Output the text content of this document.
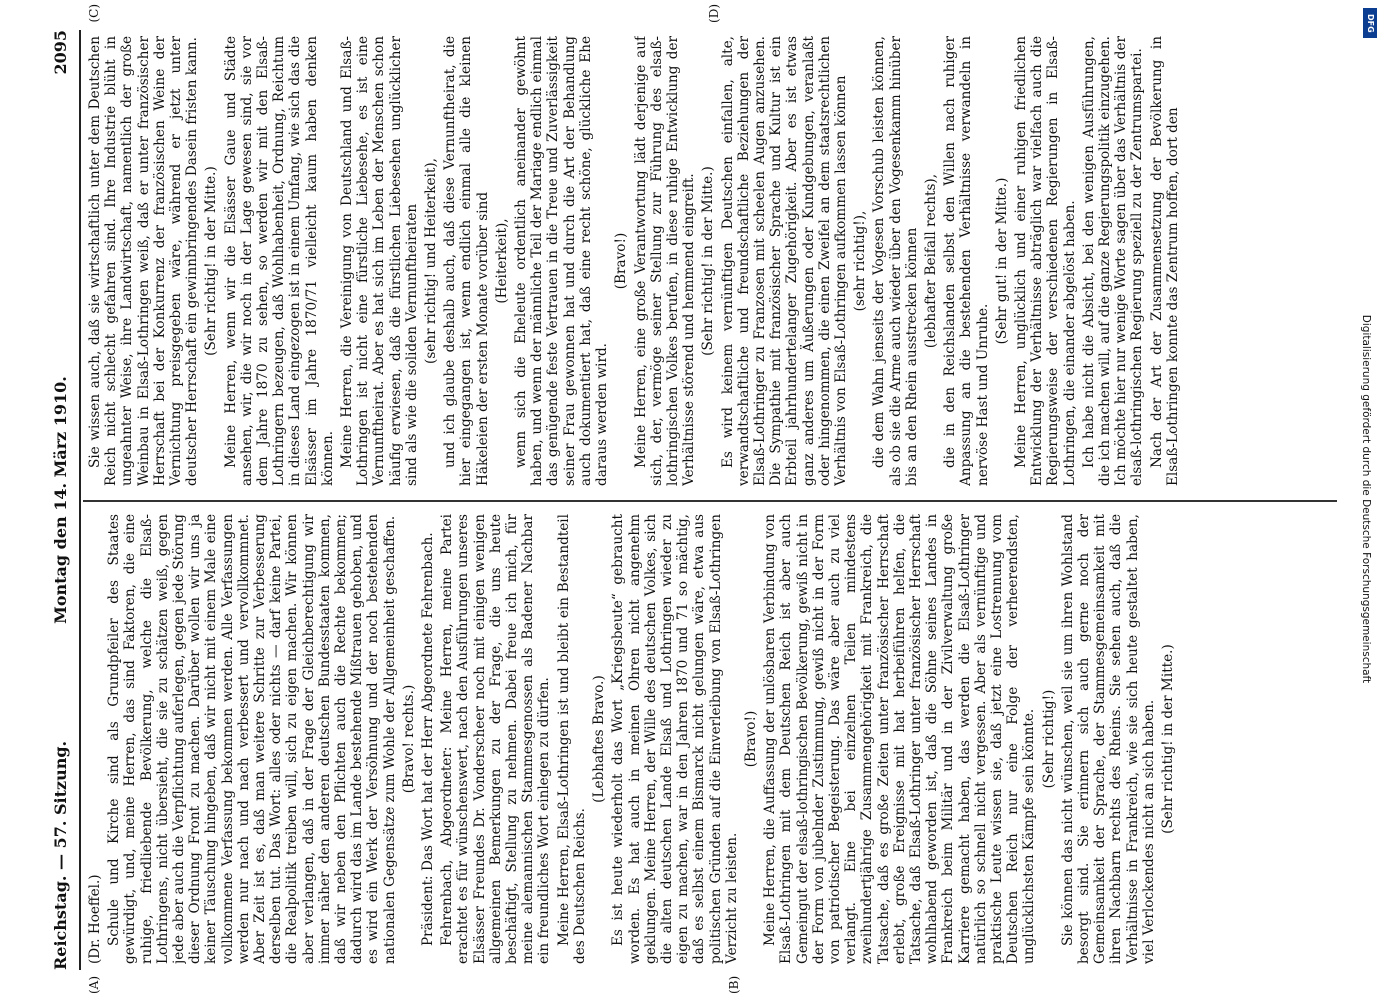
Reichstag. — 57. Sitzung.
Montag den 14. März 1910.
2095
(A)	(B)
(C)	(D)

(Dr. Hoeffel.) Schule und Kirche sind als Grundpfeiler des Staates gewürdigt, und, meine Herren, das sind Faktoren, die eine ruhige, friedliebende Bevölkerung, welche die Elsaß-Lothringens, nicht übersieht, die sie zu schätzen weiß, gegen jede aber auch die Verpflichtung auferlegen, gegen jede Störung dieser Ordnung Front zu machen. Darüber wollen wir uns ja keiner Täuschung hingeben, daß wir nicht mit einem Male eine vollkommene Verfassung bekommen werden. Alle Verfassungen werden nur nach und nach verbessert und vervollkommnet. Aber Zeit ist es, daß man weitere Schritte zur Verbesserung derselben tut. Das Wort: alles oder nichts — darf keine Partei, die Realpolitik treiben will, sich zu eigen machen. Wir können aber verlangen, daß in der Frage der Gleichberechtigung wir immer näher den anderen deutschen Bundesstaaten kommen, daß wir neben den Pflichten auch die Rechte bekommen; dadurch wird das im Lande bestehende Mißtrauen gehoben, und es wird ein Werk der Versöhnung und der noch bestehenden nationalen Gegensätze zum Wohle der Allgemeinheit geschaffen. (Bravo! rechts.) Präsident: Das Wort hat der Herr Abgeordnete Fehrenbach. Fehrenbach, Abgeordneter: Meine Herren, meine Partei erachtet es für wünschenswert, nach den Ausführungen unseres Elsässer Freundes Dr. Vonderscheer noch mit einigen wenigen allgemeinen Bemerkungen zu der Frage, die uns heute beschäftigt, Stellung zu nehmen. Dabei freue ich mich, für meine alemannischen Stammesgenossen als Badener Nachbar ein freundliches Wort einlegen zu dürfen. Meine Herren, Elsaß-Lothringen ist und bleibt ein Bestandteil des Deutschen Reichs.

(Lebhaftes Bravo.) Es ist heute wiederholt das Wort „Kriegsbeute“ gebraucht worden. Es hat auch in meinen Ohren nicht angenehm geklungen. Meine Herren, der Wille des deutschen Volkes, sich die alten deutschen Lande Elsaß und Lothringen wieder zu eigen zu machen, war in den Jahren 1870 und 71 so mächtig, daß es selbst einem Bismarck nicht gelungen wäre, etwa aus politischen Gründen auf die Einverleibung von Elsaß-Lothringen Verzicht zu leisten.

(Bravo!) Meine Herren, die Auffassung der unlösbaren Verbindung von Elsaß-Lothringen mit dem Deutschen Reich ist aber auch Gemeingut der elsaß-lothringischen Bevölkerung, gewiß nicht in der Form von jubelnder Zustimmung, gewiß nicht in der Form von patriotischer Begeisterung. Das wäre aber auch zu viel verlangt. Eine bei einzelnen Teilen mindestens zweihundertjährige Zusammengehörigkeit mit Frankreich, die Tatsache, daß es große Zeiten unter französischer Herrschaft erlebt, große Ereignisse mit hat herbeiführen helfen, die Tatsache, daß Elsaß-Lothringer unter französischer Herrschaft wohlhabend geworden ist, daß die Söhne seines Landes in Frankreich beim Militär und in der Zivilverwaltung große Karriere gemacht haben, das werden die Elsaß-Lothringer natürlich so schnell nicht vergessen. Aber als vernünftige und praktische Leute wissen sie, daß jetzt eine Lostrennung vom Deutschen Reich nur eine Folge der verheerendsten, unglücklichsten Kämpfe sein könnte. (Sehr richtig!) Sie können das nicht wünschen, weil sie um ihren Wohlstand besorgt sind. Sie erinnern sich auch gerne noch der Gemeinsamkeit der Sprache, der Stammesgemeinsamkeit mit ihren Nachbarn rechts des Rheins. Sie sehen auch, daß die Verhältnisse in Frankreich, wie sie sich heute gestaltet haben, viel Verlockendes nicht an sich haben. (Sehr richtig! in der Mitte.)

Sie wissen auch, daß sie wirtschaftlich unter dem Deutschen Reich nicht schlecht gefahren sind. Ihre Industrie blüht in ungeahnter Weise, ihre Landwirtschaft, namentlich der große Weinbau in Elsaß-Lothringen weiß, daß er unter französischer Herrschaft bei der Konkurrenz der französischen Weine der Vernichtung preisgegeben wäre, während er jetzt unter deutscher Herrschaft ein gewinnbringendes Dasein fristen kann. (Sehr richtig! in der Mitte.) Meine Herren, wenn wir die Elsässer Gaue und Städte ansehen, wir, die wir noch in der Lage gewesen sind, sie vor dem Jahre 1870 zu sehen, so werden wir mit den Elsaß-Lothringern bezeugen, daß Wohlhabenheit, Ordnung, Reichtum in dieses Land eingezogen ist in einem Umfang, wie sich das die Elsässer im Jahre 1870/71 vielleicht kaum haben denken können. Meine Herren, die Vereinigung von Deutschland und Elsaß-Lothringen ist nicht eine fürstliche Liebesehe, es ist eine Vernunftheirat. Aber es hat sich im Leben der Menschen schon häufig erwiesen, daß die fürstlichen Liebesehen unglücklicher sind als wie die soliden Vernunftheiraten (sehr richtig! und Heiterkeit), und ich glaube deshalb auch, daß diese Vernunftheirat, die hier eingegangen ist, wenn endlich einmal alle die kleinen Häkeleien der ersten Monate vorüber sind (Heiterkeit), wenn sich die Eheleute ordentlich aneinander gewöhnt haben, und wenn der männliche Teil der Mariage endlich einmal das genügende feste Vertrauen in die Treue und Zuverlässigkeit seiner Frau gewonnen hat und durch die Art der Behandlung auch dokumentiert hat, daß eine recht schöne, glückliche Ehe daraus werden wird.

(Bravo!) Meine Herren, eine große Verantwortung lädt derjenige auf sich, der, vermöge seiner Stellung zur Führung des elsaß-lothringischen Volkes berufen, in diese ruhige Entwicklung der Verhältnisse störend und hemmend eingreift. (Sehr richtig! in der Mitte.) Es wird keinem vernünftigen Deutschen einfallen, alte, verwandtschaftliche und freundschaftliche Beziehungen der Elsaß-Lothringer zu Franzosen mit scheelen Augen anzusehen. Die Sympathie mit französischer Sprache und Kultur ist ein Erbteil jahrhundertelanger Zugehörigkeit. Aber es ist etwas ganz anderes um Äußerungen oder Kundgebungen, veranlaßt oder hingenommen, die einen Zweifel an dem staatsrechtlichen Verhältnis von Elsaß-Lothringen aufkommen lassen können (sehr richtig!), die dem Wahn jenseits der Vogesen Vorschub leisten können, als ob sie die Arme auch wieder über den Vogesenkamm hinüber bis an den Rhein ausstrecken können (lebhafter Beifall rechts), die in den Reichslanden selbst den Willen nach ruhiger Anpassung an die bestehenden Verhältnisse verwandeln in nervöse Hast und Unruhe.

(Sehr gut! in der Mitte.) Meine Herren, unglücklich und einer ruhigen friedlichen Entwicklung der Verhältnisse abträglich war vielfach auch die Regierungsweise der verschiedenen Regierungen in Elsaß-Lothringen, die einander abgelöst haben. Ich habe nicht die Absicht, bei den wenigen Ausführungen, die ich machen will, auf die ganze Regierungspolitik einzugehen. Ich möchte hier nur wenige Worte sagen über das Verhältnis der elsaß-lothringischen Regierung speziell zu der Zentrumspartei. Nach der Art der Zusammensetzung der Bevölkerung in Elsaß-Lothringen konnte das Zentrum hoffen, dort den

Digitalisierung gefördert durch die Deutsche Forschungsgemeinschaft
DFG
